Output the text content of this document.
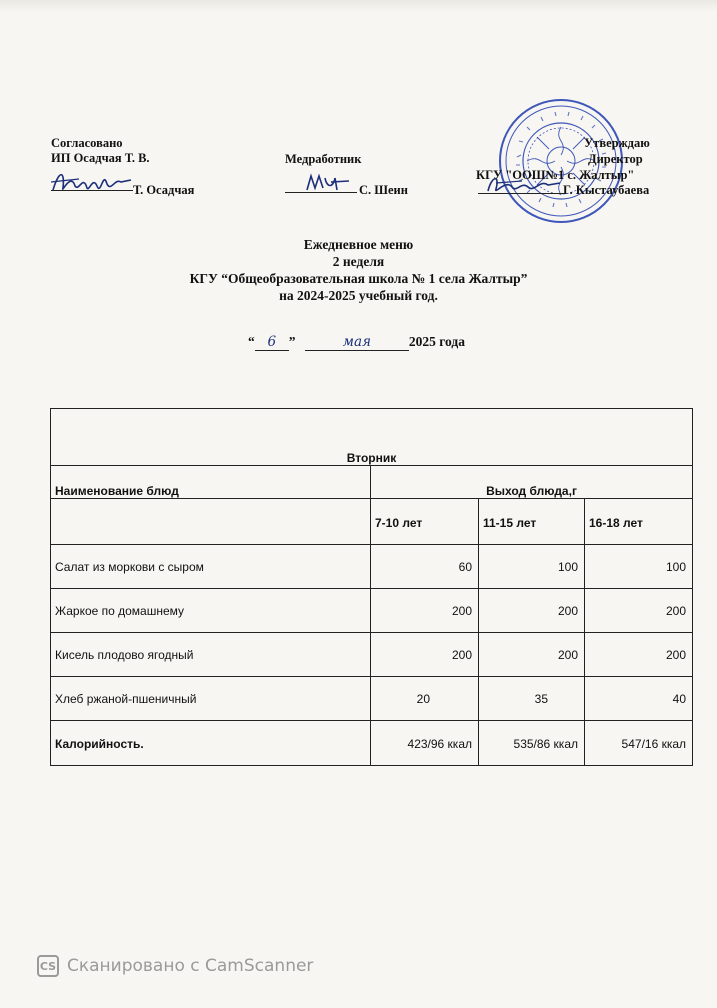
Согласовано
ИП Осадчая Т. В.
Т. Осадчая
Медработник
С. Шеин
Утверждаю
Директор
КГУ "ООШ№1 с. Жалтыр"
Г. Кыстаубаева
Ежедневное меню
2 неделя
КГУ “Общеобразовательная школа № 1 села Жалтыр”
на 2024-2025 учебный год.
“ 6 ”	мая	2025 года
Вторник			
Наименование блюд	Выход блюда,г		
	7-10 лет	11-15 лет	16-18 лет
Салат из моркови с сыром	60	100	100
Жаркое по домашнему	200	200	200
Кисель плодово ягодный	200	200	200
Хлеб ржаной-пшеничный	20	35	40
Калорийность.	423/96 ккал	535/86 ккал	547/16 ккал
CS Сканировано с CamScanner
